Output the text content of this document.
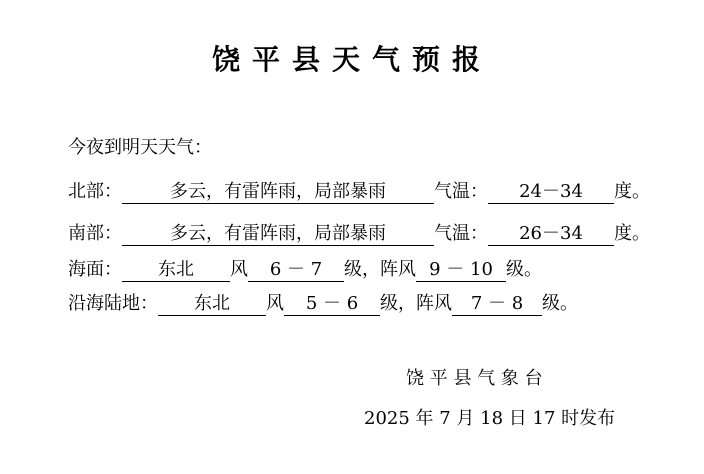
饶平县天气预报
今夜到明天天气：
北部：	多云，有雷阵雨，局部暴雨	气温： 24－34 度。
南部：	多云，有雷阵雨，局部暴雨	气温： 26－34 度。
海面： 东北 风 6 － 7 级，阵风 9 － 10 级。
沿海陆地： 东北 风 5 － 6 级，阵风 7 － 8 级。
饶 平 县 气 象 台
2025 年 7 月 18 日 17 时发布
